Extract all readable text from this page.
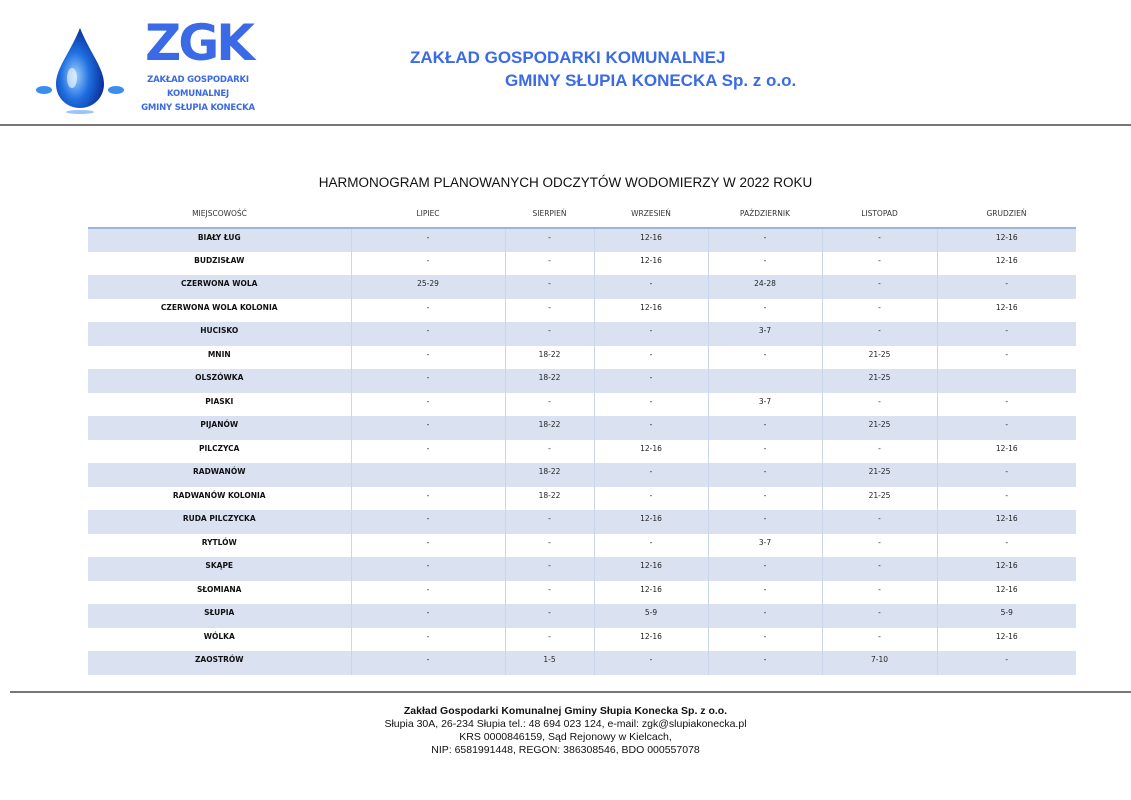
ZGK
ZAKŁAD GOSPODARKI
KOMUNALNEJ
GMINY SŁUPIA KONECKA
ZAKŁAD GOSPODARKI KOMUNALNEJ
GMINY SŁUPIA KONECKA Sp. z o.o.
HARMONOGRAM PLANOWANYCH ODCZYTÓW WODOMIERZY W 2022 ROKU
MIEJSCOWOŚĆ	LIPIEC	SIERPIEŃ	WRZESIEŃ	PAŹDZIERNIK	LISTOPAD	GRUDZIEŃ
BIAŁY ŁUG	-	-	12-16	-	-	12-16
BUDZISŁAW	-	-	12-16	-	-	12-16
CZERWONA WOLA	25-29	-	-	24-28	-	-
CZERWONA WOLA KOLONIA	-	-	12-16	-	-	12-16
HUCISKO	-	-	-	3-7	-	-
MNIN	-	18-22	-	-	21-25	-
OLSZÓWKA	-	18-22	-		21-25	
PIASKI	-	-	-	3-7	-	-
PIJANÓW	-	18-22	-	-	21-25	-
PILCZYCA	-	-	12-16	-	-	12-16
RADWANÓW		18-22	-	-	21-25	-
RADWANÓW KOLONIA	-	18-22	-	-	21-25	-
RUDA PILCZYCKA	-	-	12-16	-	-	12-16
RYTLÓW	-	-	-	3-7	-	-
SKĄPE	-	-	12-16	-	-	12-16
SŁOMIANA	-	-	12-16	-	-	12-16
SŁUPIA	-	-	5-9	-	-	5-9
WÓLKA	-	-	12-16	-	-	12-16
ZAOSTRÓW	-	1-5	-	-	7-10	-
Zakład Gospodarki Komunalnej Gminy Słupia Konecka Sp. z o.o.
Słupia 30A, 26-234 Słupia tel.: 48 694 023 124, e-mail: zgk@slupiakonecka.pl
KRS 0000846159, Sąd Rejonowy w Kielcach,
NIP: 6581991448, REGON: 386308546, BDO 000557078
